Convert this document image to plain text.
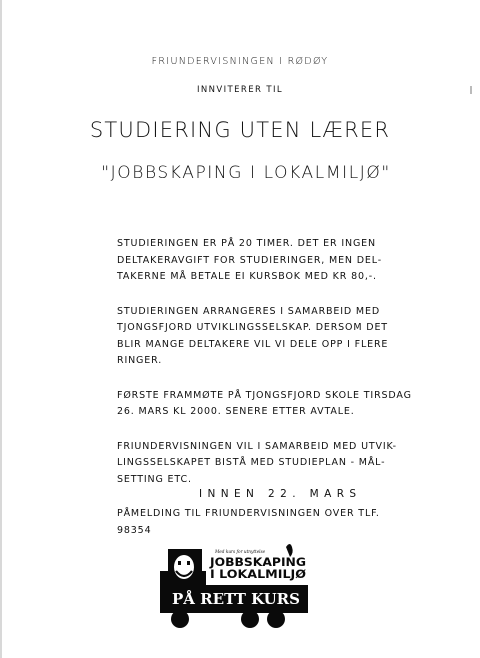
FRIUNDERVISNINGEN I RØDØY
INNVITERER TIL
STUDIERING UTEN LÆRER
"JOBBSKAPING I LOKALMILJØ"

STUDIERINGEN ER PÅ 20 TIMER. DET ER INGEN
DELTAKERAVGIFT FOR STUDIERINGER, MEN DEL-
TAKERNE MÅ BETALE EI KURSBOK MED KR 80,-.

STUDIERINGEN ARRANGERES I SAMARBEID MED
TJONGSFJORD UTVIKLINGSSELSKAP. DERSOM DET
BLIR MANGE DELTAKERE VIL VI DELE OPP I FLERE
RINGER.

FØRSTE FRAMMØTE PÅ TJONGSFJORD SKOLE TIRSDAG
26. MARS KL 2000. SENERE ETTER AVTALE.

FRIUNDERVISNINGEN VIL I SAMARBEID MED UTVIK-
LINGSSELSKAPET BISTÅ MED STUDIEPLAN - MÅL-
SETTING ETC.

PÅMELDING TIL FRIUNDERVISNINGEN OVER TLF.
98354

INNEN 22. MARS
Med kurs for utnyttelse
JOBBSKAPING
I LOKALMILJØ
PÅ RETT KURS
